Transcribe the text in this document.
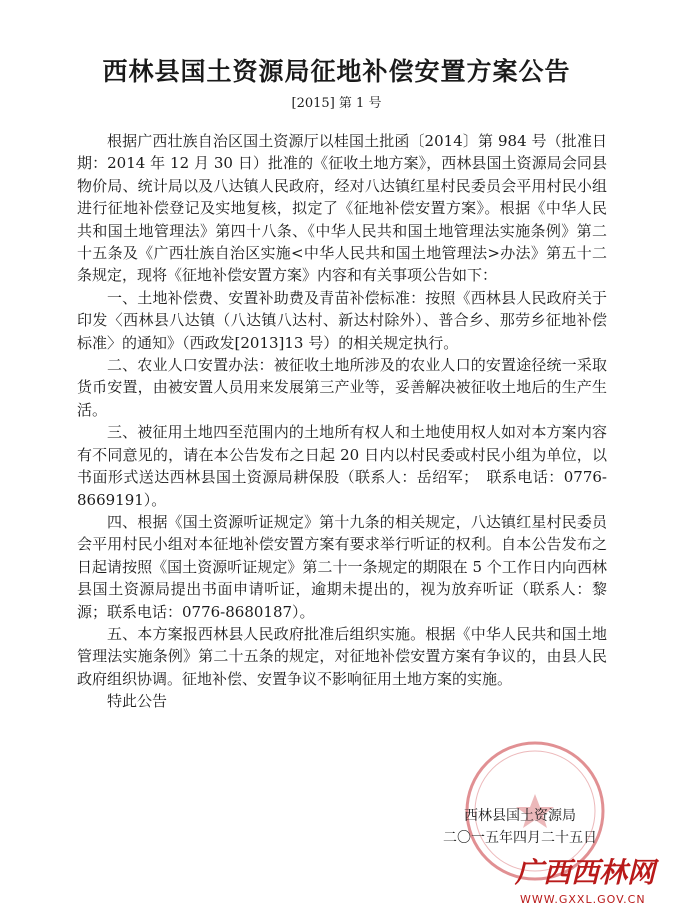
西林县国土资源局征地补偿安置方案公告
[2015] 第 1 号

根据广西壮族自治区国土资源厅以桂国土批函〔2014〕第 984 号（批准日期：2014 年 12 月 30 日）批准的《征收土地方案》，西林县国土资源局会同县物价局、统计局以及八达镇人民政府，经对八达镇红星村民委员会平用村民小组进行征地补偿登记及实地复核，拟定了《征地补偿安置方案》。根据《中华人民共和国土地管理法》第四十八条、《中华人民共和国土地管理法实施条例》第二十五条及《广西壮族自治区实施<中华人民共和国土地管理法>办法》第五十二条规定，现将《征地补偿安置方案》内容和有关事项公告如下：

一、土地补偿费、安置补助费及青苗补偿标准：按照《西林县人民政府关于印发〈西林县八达镇（八达镇八达村、新达村除外）、普合乡、那劳乡征地补偿标准〉的通知》（西政发[2013]13 号）的相关规定执行。

二、农业人口安置办法：被征收土地所涉及的农业人口的安置途径统一采取货币安置，由被安置人员用来发展第三产业等，妥善解决被征收土地后的生产生活。

三、被征用土地四至范围内的土地所有权人和土地使用权人如对本方案内容有不同意见的，请在本公告发布之日起 20 日内以村民委或村民小组为单位，以书面形式送达西林县国土资源局耕保股（联系人：岳绍军；　联系电话：0776-8669191）。

四、根据《国土资源听证规定》第十九条的相关规定，八达镇红星村民委员会平用村民小组对本征地补偿安置方案有要求举行听证的权利。自本公告发布之日起请按照《国土资源听证规定》第二十一条规定的期限在 5 个工作日内向西林县国土资源局提出书面申请听证，逾期未提出的，视为放弃听证（联系人：黎源；联系电话：0776-8680187）。

五、本方案报西林县人民政府批准后组织实施。根据《中华人民共和国土地管理法实施条例》第二十五条的规定，对征地补偿安置方案有争议的，由县人民政府组织协调。征地补偿、安置争议不影响征用土地方案的实施。

特此公告

西林县国土资源局
二〇一五年四月二十五日
广西西林网
WWW.GXXL.GOV.CN
